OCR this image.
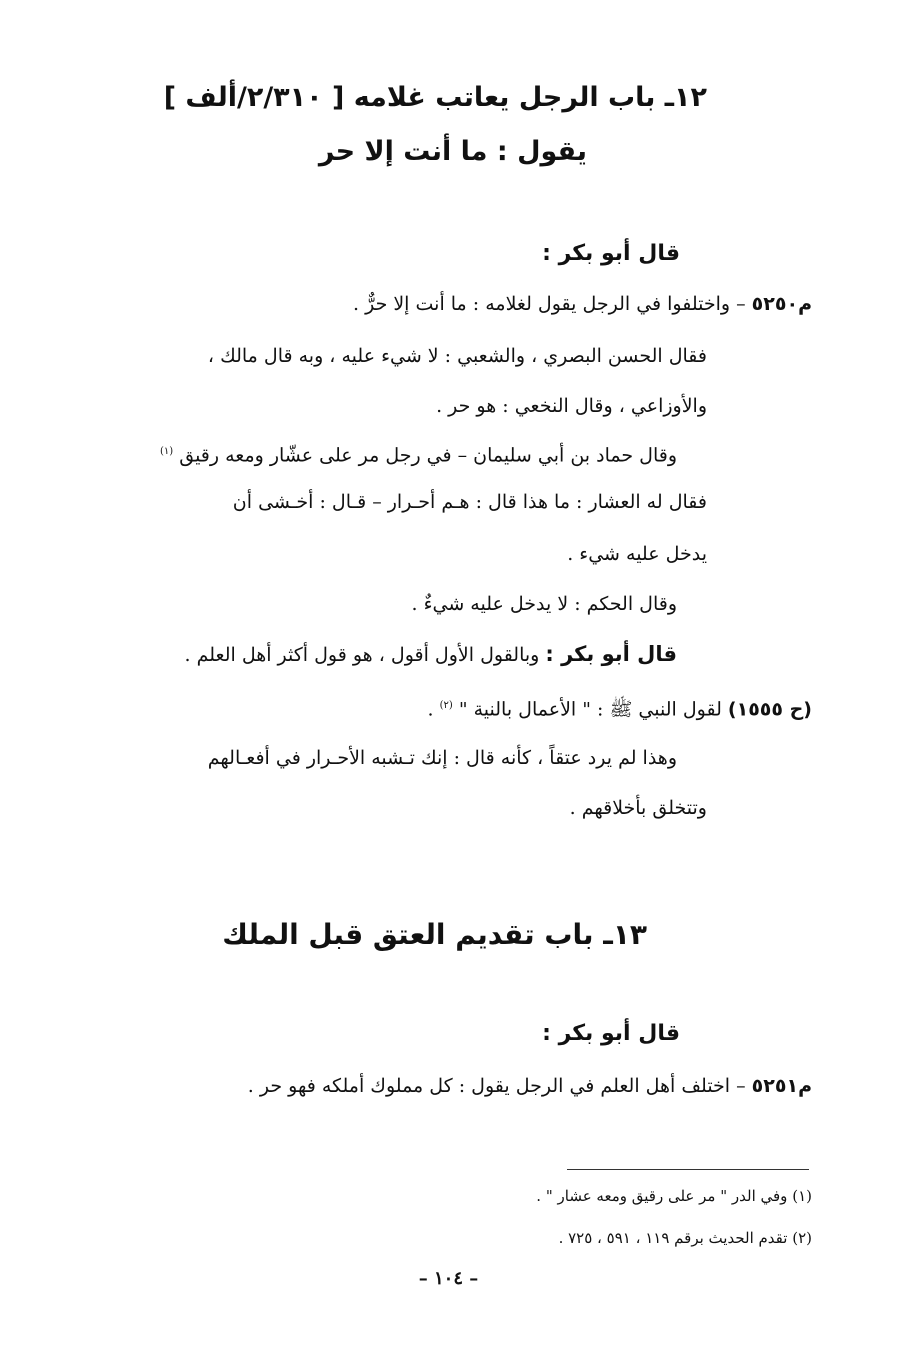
١٢ـ باب الرجل يعاتب غلامه [ ٢/٣١٠/ألف ]
يقول : ما أنت إلا حر
قال أبو بكر :
م٥٢٥٠ – واختلفوا في الرجل يقول لغلامه : ما أنت إلا حرٌّ .
فقال الحسن البصري ، والشعبي : لا شيء عليه ، وبه قال مالك ،
والأوزاعي ، وقال النخعي : هو حر .
وقال حماد بن أبي سليمان – في رجل مر على عشّار ومعه رقيق $^{(١)}$
فقال له العشار : ما هذا قال : هـم أحـرار – قـال : أخـشى أن
يدخل عليه شيء .
وقال الحكم : لا يدخل عليه شيءٌ .
قال أبو بكر : وبالقول الأول أقول ، هو قول أكثر أهل العلم .
(ح ١٥٥٥) لقول النبي ﷺ : " الأعمال بالنية " $^{(٢)}$ .
وهذا لم يرد عتقاً ، كأنه قال : إنك تـشبه الأحـرار في أفعـالهم
وتتخلق بأخلاقهم .
١٣ـ باب تقديم العتق قبل الملك
قال أبو بكر :
م٥٢٥١ – اختلف أهل العلم في الرجل يقول : كل مملوك أملكه فهو حر .
(١) وفي الدر " مر على رقيق ومعه عشار " .
(٢) تقدم الحديث برقم ١١٩ ، ٥٩١ ، ٧٢٥ .
– ١٠٤ –
